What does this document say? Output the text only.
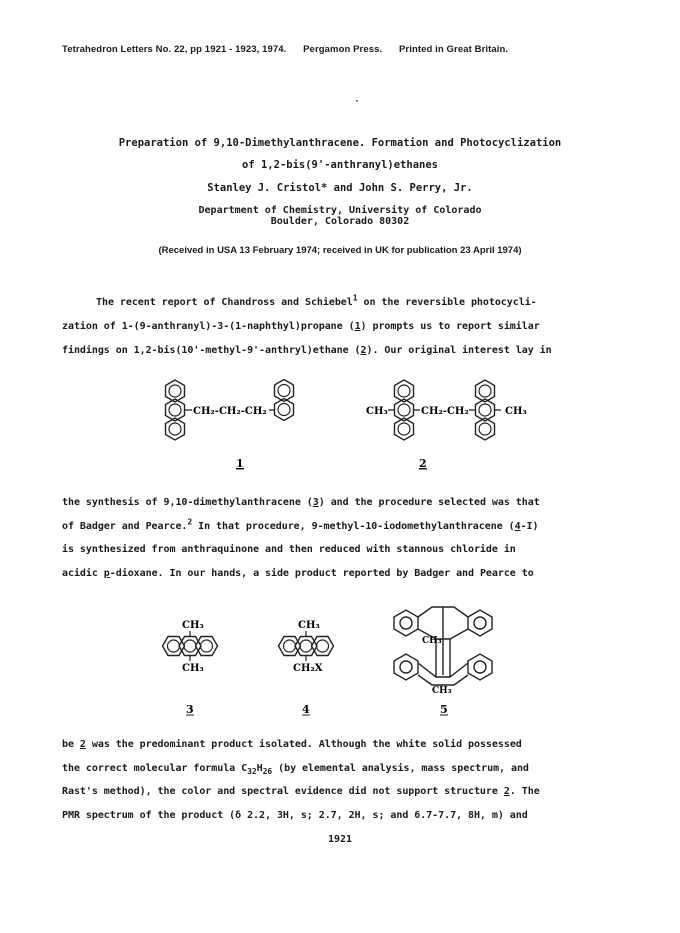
Tetrahedron Letters No. 22, pp 1921 - 1923, 1974. Pergamon Press. Printed in Great Britain.
Preparation of 9,10-Dimethylanthracene. Formation and Photocyclization
of 1,2-bis(9'-anthranyl)ethanes
Stanley J. Cristol* and John S. Perry, Jr.
Department of Chemistry, University of Colorado
Boulder, Colorado 80302
(Received in USA 13 February 1974; received in UK for publication 23 April 1974)
The recent report of Chandross and Schiebel$^1$ on the reversible photocycli-
zation of 1-(9-anthranyl)-3-(1-naphthyl)propane (1) prompts us to report similar
findings on 1,2-bis(10'-methyl-9'-anthryl)ethane (2). Our original interest lay in
CH₂-CH₂-CH₂	CH₃	CH₂-CH₂	CH₃
1	2
the synthesis of 9,10-dimethylanthracene (3) and the procedure selected was that
of Badger and Pearce.$^2$ In that procedure, 9-methyl-10-iodomethylanthracene (4-I)
is synthesized from anthraquinone and then reduced with stannous chloride in
acidic p-dioxane. In our hands, a side product reported by Badger and Pearce to
CH₃
CH₃
CH₃
CH₂X
CH₃
CH₃
3	4	5
be 2 was the predominant product isolated. Although the white solid possessed
the correct molecular formula $C_{32}H_{26}$ (by elemental analysis, mass spectrum, and
Rast's method), the color and spectral evidence did not support structure 2. The
PMR spectrum of the product (δ 2.2, 3H, s; 2.7, 2H, s; and 6.7-7.7, 8H, m) and
1921
